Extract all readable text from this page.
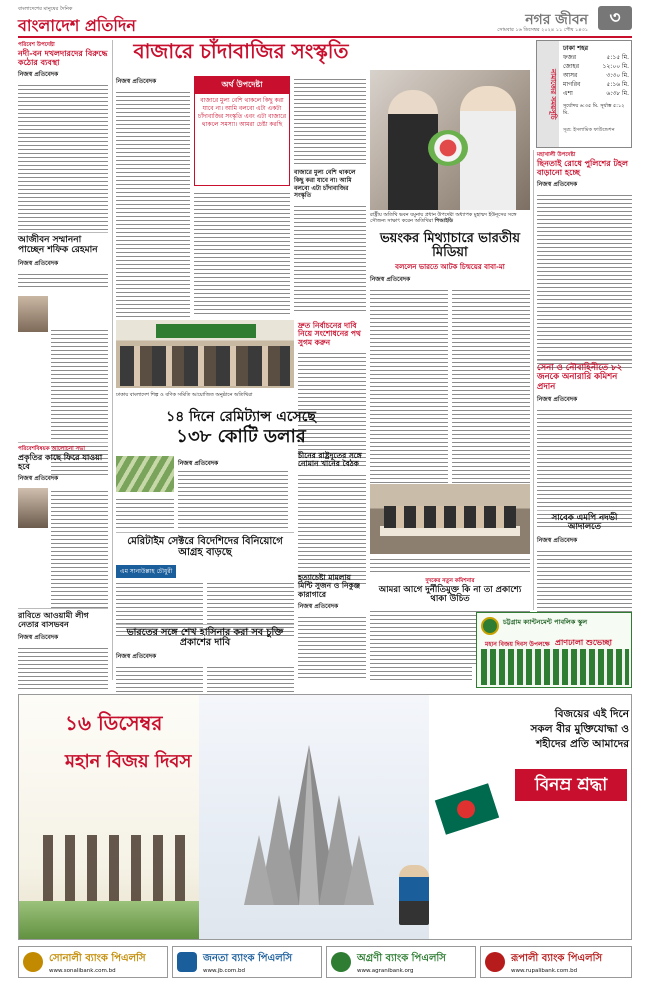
বাংলাদেশের মানুষের দৈনিক
বাংলাদেশ প্রতিদিন	নগর জীবন	৩
সোমবার ১৬ ডিসেম্বর ২০২৪ ১১ পৌষ ১৪৩১
পরিবেশ উপদেষ্টা
নদী-বন দখলদারদের বিরুদ্ধে কঠোর ব্যবস্থা
নিজস্ব প্রতিবেদক
আজীবন সম্মাননা পাচ্ছেন শফিক রেহমান
নিজস্ব প্রতিবেদক
পরিবেশবিষয়ক আলোচনা সভা
প্রকৃতির কাছে ফিরে যাওয়া হবে
নিজস্ব প্রতিবেদক
রাবিতে আওয়ামী লীগ নেতার বাসভবন
নিজস্ব প্রতিবেদক
বাজারে চাঁদাবাজির সংস্কৃতি
নিজস্ব প্রতিবেদক	অর্থ উপদেষ্টা
বাজারে মুল্য বেশি থাকলে কিছু করা যাবে না। আমি বলবো এটা একটা চাঁদাবাজির সংস্কৃতি এবং এটা বাজারে থাকলে সমস্যা। আমরা চেষ্টা করছি
বাজারে মুল্য বেশি থাকলে কিছু করা যাবে না। আমি বলবো এটা চাঁদাবাজির সংস্কৃতি
রাষ্ট্রীয় অতিথি ভবন যমুনায় প্রধান উপদেষ্টা অধ্যাপক মুহাম্মদ ইউনূসের সঙ্গে সৌজন্য সাক্ষাৎ করেন অতিথিরা পিআইডি
নামাজের সময়সূচি
ঢাকা শহর
ফজর	৫:১৫ মি.
জোহর	১২:০০ মি.
আসর	৩:৩০ মি.
মাগরিব	৫:১৬ মি.
এশা	৬:৩৮ মি.
সূর্যোদয় ৬:৩৫ মি. সূর্যাস্ত ৫:১২ মি.
সূত্র: ইসলামিক ফাউন্ডেশন
মহাখালী উপদেষ্টা
ছিনতাই রোধে পুলিশের টহল বাড়ানো হচ্ছে
নিজস্ব প্রতিবেদক
সেনা ও নৌবাহিনীতে ৮২ জনকে অনারারি কমিশন প্রদান
নিজস্ব প্রতিবেদক
সাবেক এমপি নদভী আদালতে
নিজস্ব প্রতিবেদক
ভয়ংকর মিথ্যাচারে ভারতীয় মিডিয়া
বললেন ভারতে আটক চিন্ময়ের বাবা-মা
নিজস্ব প্রতিবেদক
দ্রুত নির্বাচনের দাবি নিয়ে সংশোধনের পথ সুগম করুন
ঢাকায় বাংলাদেশ শিল্প ও বণিক সমিতি আয়োজিত অনুষ্ঠানে অতিথিরা
১৪ দিনে রেমিট্যান্স এসেছে
১৩৮ কোটি ডলার
নিজস্ব প্রতিবেদক
চীনের রাষ্ট্রদূতের সঙ্গে নোমান খানের বৈঠক
মেরিটাইম সেক্টরে বিদেশিদের বিনিয়োগে আগ্রহ বাড়ছে
এম সানাউল্লাহ চৌধুরী
ভারতের সঙ্গে শেখ হাসিনার করা সব চুক্তি প্রকাশের দাবি
নিজস্ব প্রতিবেদক
হত্যাচেষ্টা মামলায় মিন্টি সুজন ও নিকুঞ্জ কারাগারে
নিজস্ব প্রতিবেদক
দুদকের নতুন কমিশনার
আমরা আগে দুর্নীতিমুক্ত কি না তা প্রকাশ্যে থাকা উচিত
চট্টগ্রাম ক্যান্টনমেন্ট পাবলিক স্কুল
মহান বিজয় দিবস উপলক্ষে প্রাণঢালা শুভেচ্ছা
১৬ ডিসেম্বর
মহান বিজয় দিবস
বিজয়ের এই দিনে
সকল বীর মুক্তিযোদ্ধা ও
শহীদের প্রতি আমাদের
বিনম্র শ্রদ্ধা
সোনালী ব্যাংক পিএলসি
www.sonalibank.com.bd
জনতা ব্যাংক পিএলসি
www.jb.com.bd
অগ্রণী ব্যাংক পিএলসি
www.agranibank.org
রূপালী ব্যাংক পিএলসি
www.rupalibank.com.bd
